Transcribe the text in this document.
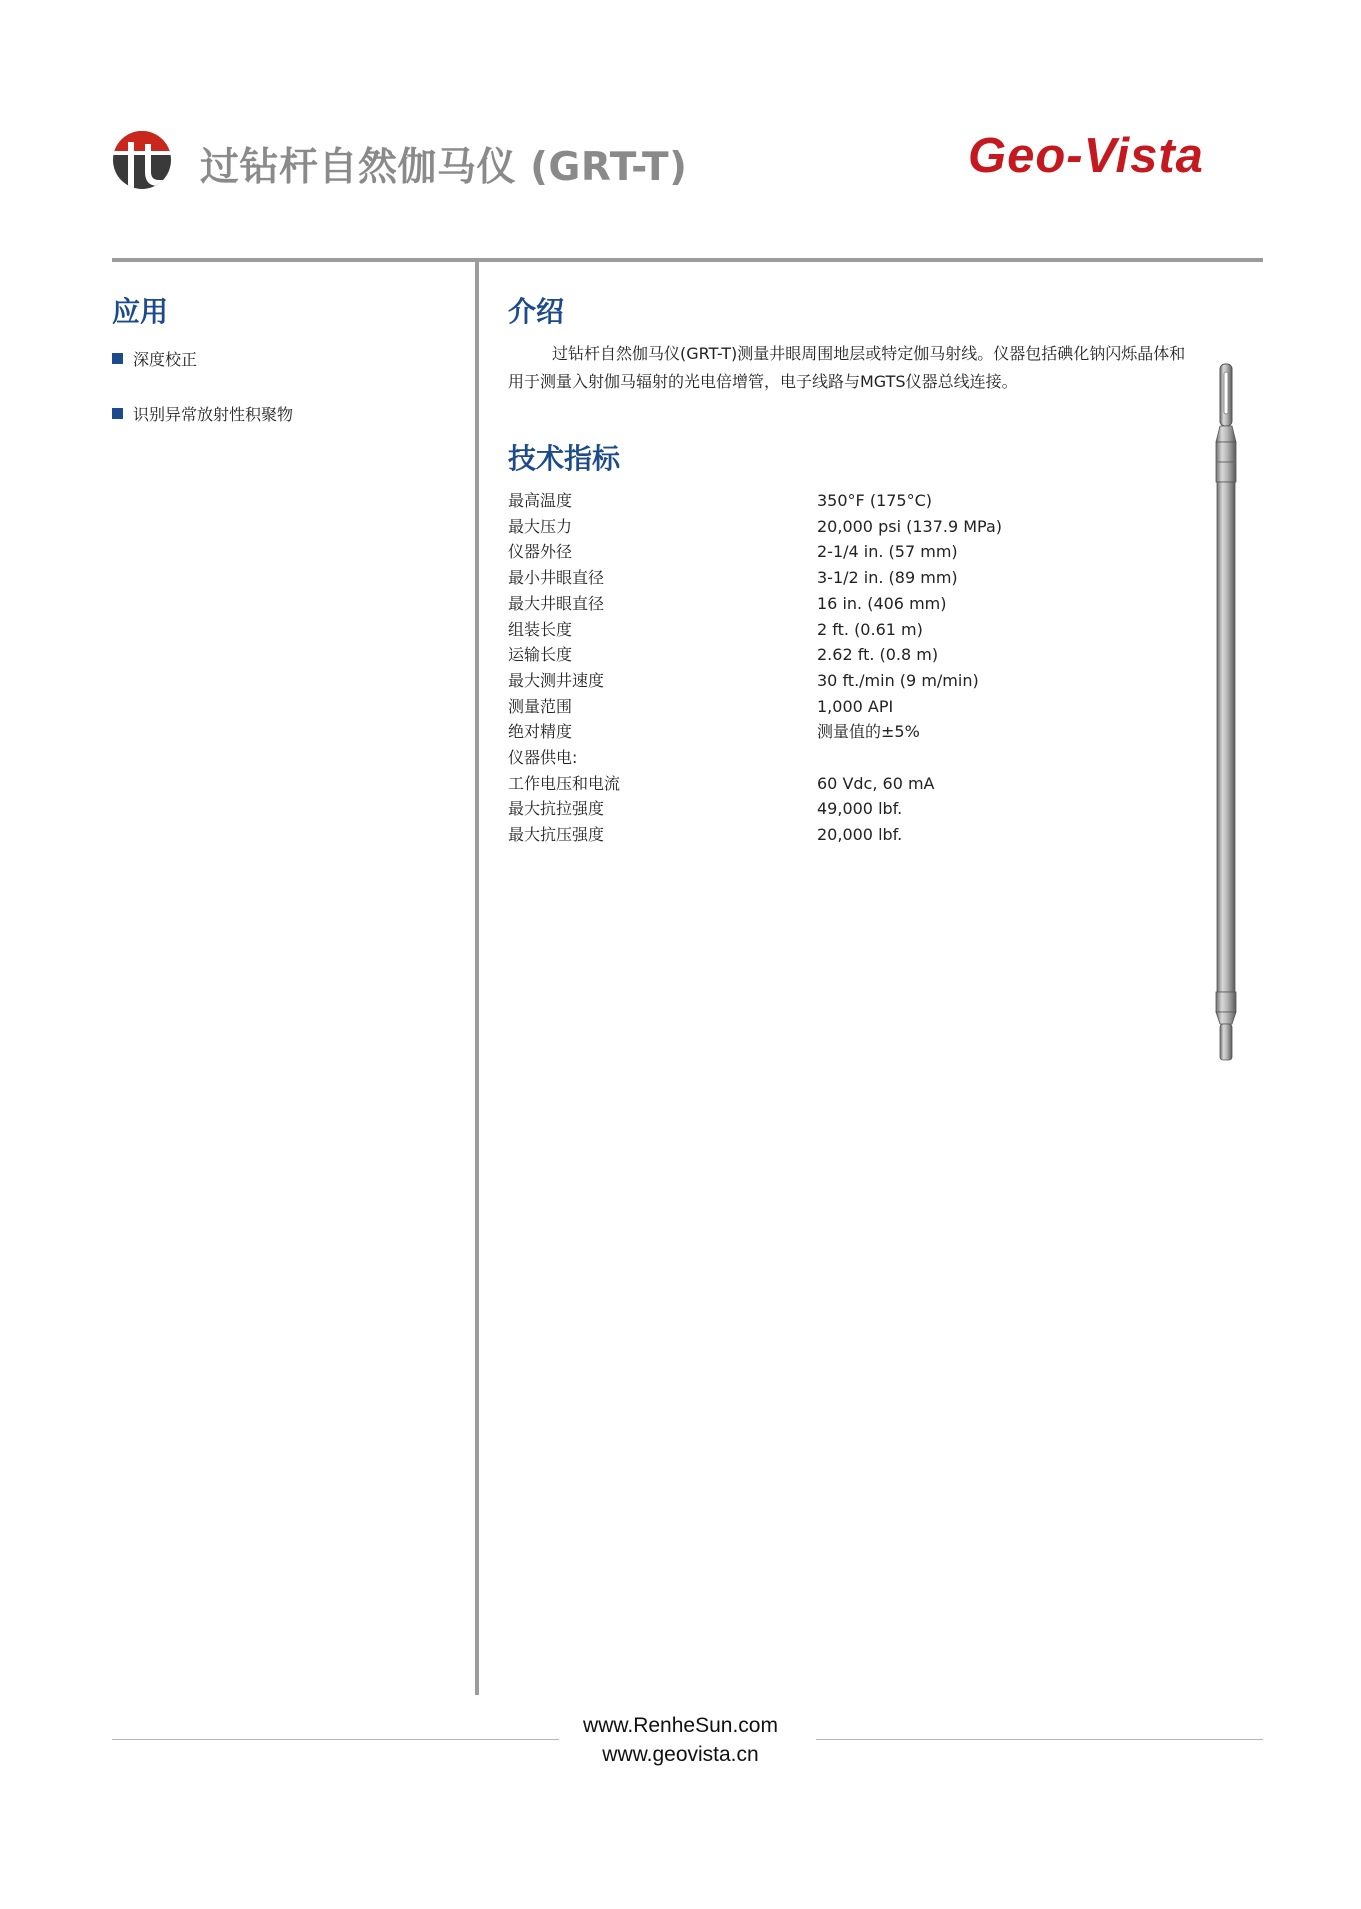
过钻杆自然伽马仪 (GRT-T)	Geo-Vista
应用
深度校正
识别异常放射性积聚物
介绍
过钻杆自然伽马仪(GRT-T)测量井眼周围地层或特定伽马射线。仪器包括碘化钠闪烁晶体和用于测量入射伽马辐射的光电倍增管，电子线路与MGTS仪器总线连接。
技术指标
最高温度	350°F (175°C)
最大压力	20,000 psi (137.9 MPa)
仪器外径	2-1/4 in. (57 mm)
最小井眼直径	3-1/2 in. (89 mm)
最大井眼直径	16 in. (406 mm)
组装长度	2 ft. (0.61 m)
运输长度	2.62 ft. (0.8 m)
最大测井速度	30 ft./min (9 m/min)
测量范围	1,000 API
绝对精度	测量值的±5%
仪器供电:	
工作电压和电流	60 Vdc, 60 mA
最大抗拉强度	49,000 lbf.
最大抗压强度	20,000 lbf.
www.RenheSun.com
www.geovista.cn
